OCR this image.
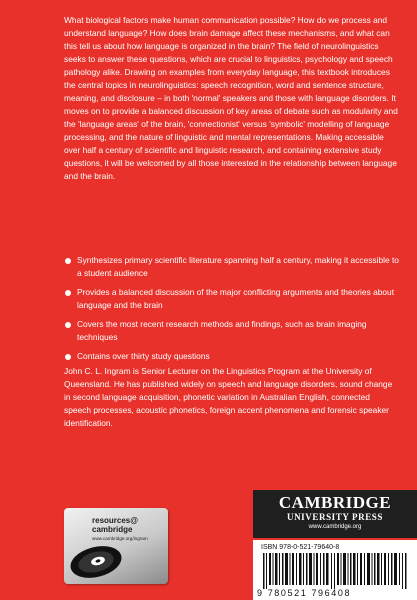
What biological factors make human communication possible? How do we process and understand language? How does brain damage affect these mechanisms, and what can this tell us about how language is organized in the brain? The field of neurolinguistics seeks to answer these questions, which are crucial to linguistics, psychology and speech pathology alike. Drawing on examples from everyday language, this textbook introduces the central topics in neurolinguistics: speech recognition, word and sentence structure, meaning, and disclosure – in both 'normal' speakers and those with language disorders. It moves on to provide a balanced discussion of key areas of debate such as modularity and the 'language areas' of the brain, 'connectionist' versus 'symbolic' modelling of language processing, and the nature of linguistic and mental representations. Making accessible over half a century of scientific and linguistic research, and containing extensive study questions, it will be welcomed by all those interested in the relationship between language and the brain.

Synthesizes primary scientific literature spanning half a century, making it accessible to a student audience
Provides a balanced discussion of the major conflicting arguments and theories about language and the brain
Covers the most recent research methods and findings, such as brain imaging techniques
Contains over thirty study questions

John C. L. Ingram is Senior Lecturer on the Linguistics Program at the University of Queensland. He has published widely on speech and language disorders, sound change in second language acquisition, phonetic variation in Australian English, connected speech processes, acoustic phonetics, foreign accent phenomena and forensic speaker identification.

resources@
cambridge
www.cambridge.org/ingram
CAMBRIDGE
UNIVERSITY PRESS
www.cambridge.org
ISBN 978-0-521-79640-8
9 780521 796408
